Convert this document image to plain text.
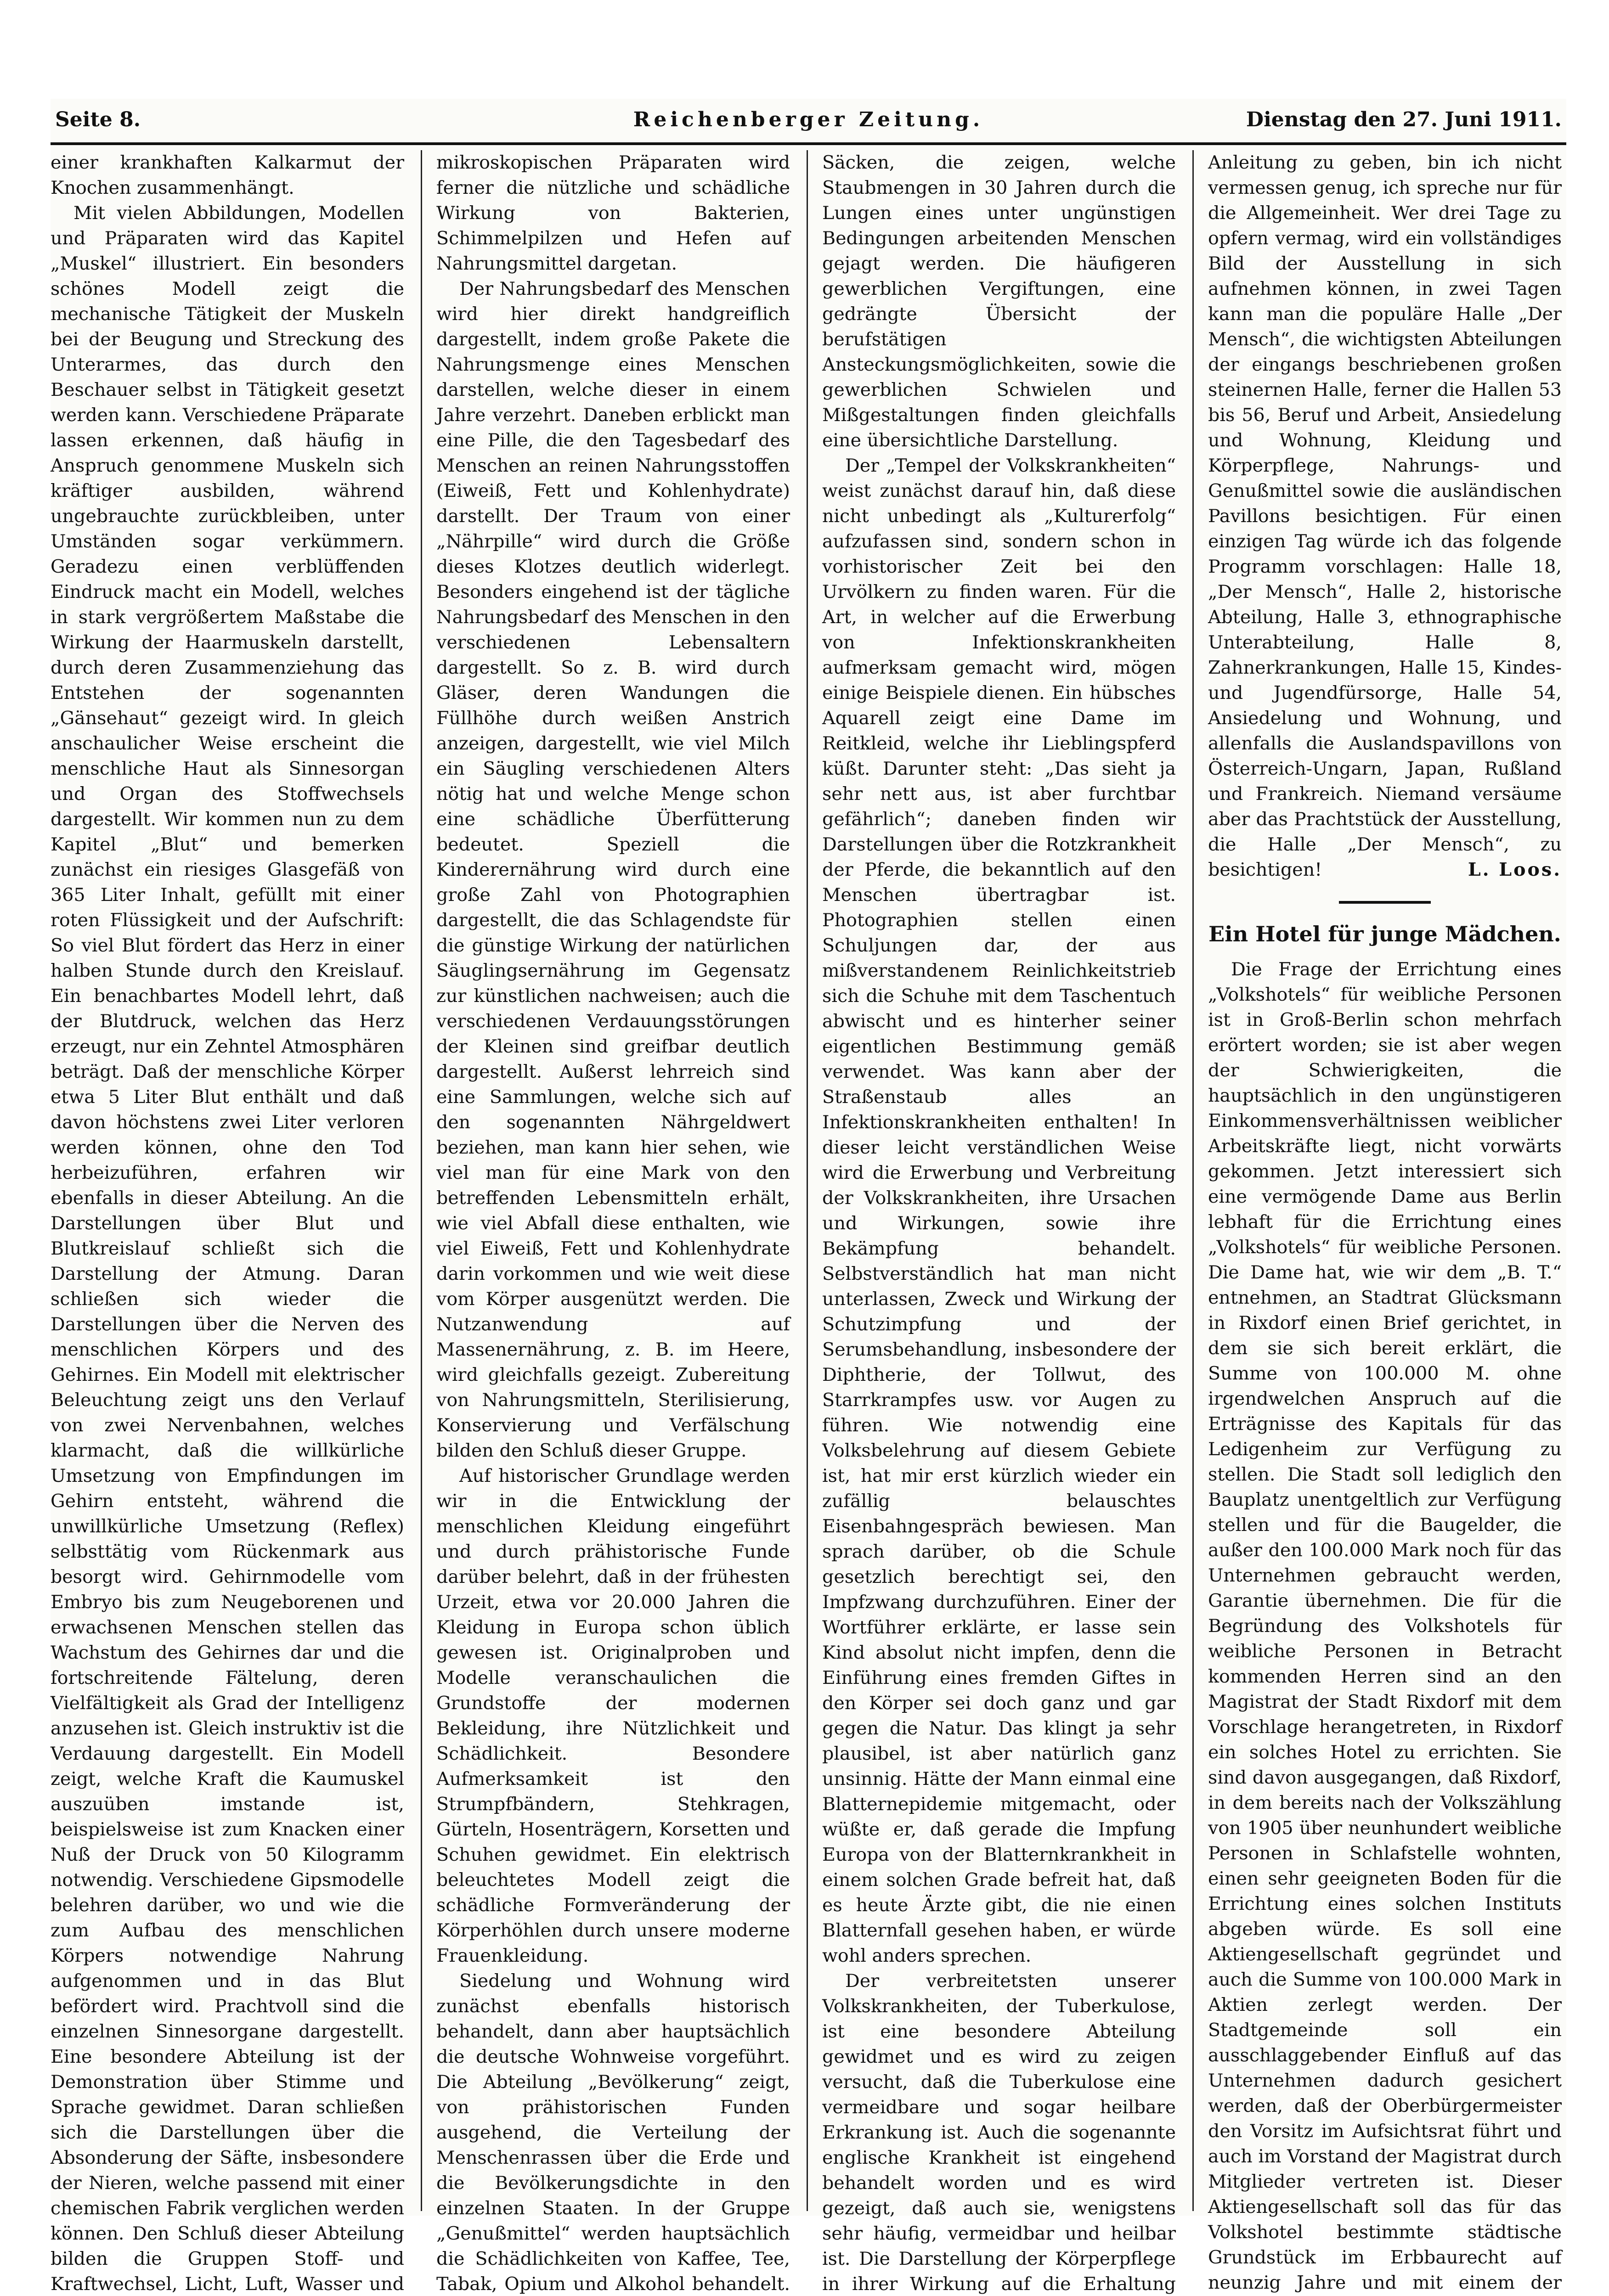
Seite 8.	Reichenberger Zeitung.	Dienstag den 27. Juni 1911.

einer krankhaften Kalkarmut der Knochen zusammenhängt.

Mit vielen Abbildungen, Modellen und Präparaten wird das Kapitel „Muskel“ illustriert. Ein besonders schönes Modell zeigt die mechanische Tätigkeit der Muskeln bei der Beugung und Streckung des Unterarmes, das durch den Beschauer selbst in Tätigkeit gesetzt werden kann. Verschiedene Präparate lassen erkennen, daß häufig in Anspruch genommene Muskeln sich kräftiger ausbilden, während ungebrauchte zurückbleiben, unter Umständen sogar verkümmern. Geradezu einen verblüffenden Eindruck macht ein Modell, welches in stark vergrößertem Maßstabe die Wirkung der Haarmuskeln darstellt, durch deren Zusammenziehung das Entstehen der sogenannten „Gänsehaut“ gezeigt wird. In gleich anschaulicher Weise erscheint die menschliche Haut als Sinnesorgan und Organ des Stoffwechsels dargestellt. Wir kommen nun zu dem Kapitel „Blut“ und bemerken zunächst ein riesiges Glasgefäß von 365 Liter Inhalt, gefüllt mit einer roten Flüssigkeit und der Aufschrift: So viel Blut fördert das Herz in einer halben Stunde durch den Kreislauf. Ein benachbartes Modell lehrt, daß der Blutdruck, welchen das Herz erzeugt, nur ein Zehntel Atmosphären beträgt. Daß der menschliche Körper etwa 5 Liter Blut enthält und daß davon höchstens zwei Liter verloren werden können, ohne den Tod herbeizuführen, erfahren wir ebenfalls in dieser Abteilung. An die Darstellungen über Blut und Blutkreislauf schließt sich die Darstellung der Atmung. Daran schließen sich wieder die Darstellungen über die Nerven des menschlichen Körpers und des Gehirnes. Ein Modell mit elektrischer Beleuchtung zeigt uns den Verlauf von zwei Nervenbahnen, welches klarmacht, daß die willkürliche Umsetzung von Empfindungen im Gehirn entsteht, während die unwillkürliche Umsetzung (Reflex) selbsttätig vom Rückenmark aus besorgt wird. Gehirnmodelle vom Embryo bis zum Neugeborenen und erwachsenen Menschen stellen das Wachstum des Gehirnes dar und die fortschreitende Fältelung, deren Vielfältigkeit als Grad der Intelligenz anzusehen ist. Gleich instruktiv ist die Verdauung dargestellt. Ein Modell zeigt, welche Kraft die Kaumuskel auszuüben imstande ist, beispielsweise ist zum Knacken einer Nuß der Druck von 50 Kilogramm notwendig. Verschiedene Gipsmodelle belehren darüber, wo und wie die zum Aufbau des menschlichen Körpers notwendige Nahrung aufgenommen und in das Blut befördert wird. Prachtvoll sind die einzelnen Sinnesorgane dargestellt. Eine besondere Abteilung ist der Demonstration über Stimme und Sprache gewidmet. Daran schließen sich die Darstellungen über die Absonderung der Säfte, insbesondere der Nieren, welche passend mit einer chemischen Fabrik verglichen werden können. Den Schluß dieser Abteilung bilden die Gruppen Stoff- und Kraftwechsel, Licht, Luft, Wasser und

mikroskopischen Präparaten wird ferner die nützliche und schädliche Wirkung von Bakterien, Schimmelpilzen und Hefen auf Nahrungsmittel dargetan.

Der Nahrungsbedarf des Menschen wird hier direkt handgreiflich dargestellt, indem große Pakete die Nahrungsmenge eines Menschen darstellen, welche dieser in einem Jahre verzehrt. Daneben erblickt man eine Pille, die den Tagesbedarf des Menschen an reinen Nahrungsstoffen (Eiweiß, Fett und Kohlenhydrate) darstellt. Der Traum von einer „Nährpille“ wird durch die Größe dieses Klotzes deutlich widerlegt. Besonders eingehend ist der tägliche Nahrungsbedarf des Menschen in den verschiedenen Lebensaltern dargestellt. So z. B. wird durch Gläser, deren Wandungen die Füllhöhe durch weißen Anstrich anzeigen, dargestellt, wie viel Milch ein Säugling verschiedenen Alters nötig hat und welche Menge schon eine schädliche Überfütterung bedeutet. Speziell die Kinderernährung wird durch eine große Zahl von Photographien dargestellt, die das Schlagendste für die günstige Wirkung der natürlichen Säuglingsernährung im Gegensatz zur künstlichen nachweisen; auch die verschiedenen Verdauungsstörungen der Kleinen sind greifbar deutlich dargestellt. Außerst lehrreich sind eine Sammlungen, welche sich auf den sogenannten Nährgeldwert beziehen, man kann hier sehen, wie viel man für eine Mark von den betreffenden Lebensmitteln erhält, wie viel Abfall diese enthalten, wie viel Eiweiß, Fett und Kohlenhydrate darin vorkommen und wie weit diese vom Körper ausgenützt werden. Die Nutzanwendung auf Massenernährung, z. B. im Heere, wird gleichfalls gezeigt. Zubereitung von Nahrungsmitteln, Sterilisierung, Konservierung und Verfälschung bilden den Schluß dieser Gruppe.

Auf historischer Grundlage werden wir in die Entwicklung der menschlichen Kleidung eingeführt und durch prähistorische Funde darüber belehrt, daß in der frühesten Urzeit, etwa vor 20.000 Jahren die Kleidung in Europa schon üblich gewesen ist. Originalproben und Modelle veranschaulichen die Grundstoffe der modernen Bekleidung, ihre Nützlichkeit und Schädlichkeit. Besondere Aufmerksamkeit ist den Strumpfbändern, Stehkragen, Gürteln, Hosenträgern, Korsetten und Schuhen gewidmet. Ein elektrisch beleuchtetes Modell zeigt die schädliche Formveränderung der Körperhöhlen durch unsere moderne Frauenkleidung.

Siedelung und Wohnung wird zunächst ebenfalls historisch behandelt, dann aber hauptsächlich die deutsche Wohnweise vorgeführt. Die Abteilung „Bevölkerung“ zeigt, von prähistorischen Funden ausgehend, die Verteilung der Menschenrassen über die Erde und die Bevölkerungsdichte in den einzelnen Staaten. In der Gruppe „Genußmittel“ werden hauptsächlich die Schädlichkeiten von Kaffee, Tee, Tabak, Opium und Alkohol behandelt.

Säcken, die zeigen, welche Staubmengen in 30 Jahren durch die Lungen eines unter ungünstigen Bedingungen arbeitenden Menschen gejagt werden. Die häufigeren gewerblichen Vergiftungen, eine gedrängte Übersicht der berufstätigen Ansteckungsmöglichkeiten, sowie die gewerblichen Schwielen und Mißgestaltungen finden gleichfalls eine übersichtliche Darstellung.

Der „Tempel der Volkskrankheiten“ weist zunächst darauf hin, daß diese nicht unbedingt als „Kulturerfolg“ aufzufassen sind, sondern schon in vorhistorischer Zeit bei den Urvölkern zu finden waren. Für die Art, in welcher auf die Erwerbung von Infektionskrankheiten aufmerksam gemacht wird, mögen einige Beispiele dienen. Ein hübsches Aquarell zeigt eine Dame im Reitkleid, welche ihr Lieblingspferd küßt. Darunter steht: „Das sieht ja sehr nett aus, ist aber furchtbar gefährlich“; daneben finden wir Darstellungen über die Rotzkrankheit der Pferde, die bekanntlich auf den Menschen übertragbar ist. Photographien stellen einen Schuljungen dar, der aus mißverstandenem Reinlichkeitstrieb sich die Schuhe mit dem Taschentuch abwischt und es hinterher seiner eigentlichen Bestimmung gemäß verwendet. Was kann aber der Straßenstaub alles an Infektionskrankheiten enthalten! In dieser leicht verständlichen Weise wird die Erwerbung und Verbreitung der Volkskrankheiten, ihre Ursachen und Wirkungen, sowie ihre Bekämpfung behandelt. Selbstverständlich hat man nicht unterlassen, Zweck und Wirkung der Schutzimpfung und der Serumsbehandlung, insbesondere der Diphtherie, der Tollwut, des Starrkrampfes usw. vor Augen zu führen. Wie notwendig eine Volksbelehrung auf diesem Gebiete ist, hat mir erst kürzlich wieder ein zufällig belauschtes Eisenbahngespräch bewiesen. Man sprach darüber, ob die Schule gesetzlich berechtigt sei, den Impfzwang durchzuführen. Einer der Wortführer erklärte, er lasse sein Kind absolut nicht impfen, denn die Einführung eines fremden Giftes in den Körper sei doch ganz und gar gegen die Natur. Das klingt ja sehr plausibel, ist aber natürlich ganz unsinnig. Hätte der Mann einmal eine Blatternepidemie mitgemacht, oder wüßte er, daß gerade die Impfung Europa von der Blatternkrankheit in einem solchen Grade befreit hat, daß es heute Ärzte gibt, die nie einen Blatternfall gesehen haben, er würde wohl anders sprechen.

Der verbreitetsten unserer Volkskrankheiten, der Tuberkulose, ist eine besondere Abteilung gewidmet und es wird zu zeigen versucht, daß die Tuberkulose eine vermeidbare und sogar heilbare Erkrankung ist. Auch die sogenannte englische Krankheit ist eingehend behandelt worden und es wird gezeigt, daß auch sie, wenigstens sehr häufig, vermeidbar und heilbar ist. Die Darstellung der Körperpflege in ihrer Wirkung auf die Erhaltung

Anleitung zu geben, bin ich nicht vermessen genug, ich spreche nur für die Allgemeinheit. Wer drei Tage zu opfern vermag, wird ein vollständiges Bild der Ausstellung in sich aufnehmen können, in zwei Tagen kann man die populäre Halle „Der Mensch“, die wichtigsten Abteilungen der eingangs beschriebenen großen steinernen Halle, ferner die Hallen 53 bis 56, Beruf und Arbeit, Ansiedelung und Wohnung, Kleidung und Körperpflege, Nahrungs- und Genußmittel sowie die ausländischen Pavillons besichtigen. Für einen einzigen Tag würde ich das folgende Programm vorschlagen: Halle 18, „Der Mensch“, Halle 2, historische Abteilung, Halle 3, ethnographische Unterabteilung, Halle 8, Zahnerkrankungen, Halle 15, Kindes- und Jugendfürsorge, Halle 54, Ansiedelung und Wohnung, und allenfalls die Auslandspavillons von Österreich-Ungarn, Japan, Rußland und Frankreich. Niemand versäume aber das Prachtstück der Ausstellung, die Halle „Der Mensch“, zu besichtigen!	L. Loos.

Ein Hotel für junge Mädchen.

Die Frage der Errichtung eines „Volkshotels“ für weibliche Personen ist in Groß-Berlin schon mehrfach erörtert worden; sie ist aber wegen der Schwierigkeiten, die hauptsächlich in den ungünstigeren Einkommensverhältnissen weiblicher Arbeitskräfte liegt, nicht vorwärts gekommen. Jetzt interessiert sich eine vermögende Dame aus Berlin lebhaft für die Errichtung eines „Volkshotels“ für weibliche Personen. Die Dame hat, wie wir dem „B. T.“ entnehmen, an Stadtrat Glücksmann in Rixdorf einen Brief gerichtet, in dem sie sich bereit erklärt, die Summe von 100.000 M. ohne irgendwelchen Anspruch auf die Erträgnisse des Kapitals für das Ledigenheim zur Verfügung zu stellen. Die Stadt soll lediglich den Bauplatz unentgeltlich zur Verfügung stellen und für die Baugelder, die außer den 100.000 Mark noch für das Unternehmen gebraucht werden, Garantie übernehmen. Die für die Begründung des Volkshotels für weibliche Personen in Betracht kommenden Herren sind an den Magistrat der Stadt Rixdorf mit dem Vorschlage herangetreten, in Rixdorf ein solches Hotel zu errichten. Sie sind davon ausgegangen, daß Rixdorf, in dem bereits nach der Volkszählung von 1905 über neunhundert weibliche Personen in Schlafstelle wohnten, einen sehr geeigneten Boden für die Errichtung eines solchen Instituts abgeben würde. Es soll eine Aktiengesellschaft gegründet und auch die Summe von 100.000 Mark in Aktien zerlegt werden. Der Stadtgemeinde soll ein ausschlaggebender Einfluß auf das Unternehmen dadurch gesichert werden, daß der Oberbürgermeister den Vorsitz im Aufsichtsrat führt und auch im Vorstand der Magistrat durch Mitglieder vertreten ist. Dieser Aktiengesellschaft soll das für das Volkshotel bestimmte städtische Grundstück im Erbbaurecht auf neunzig Jahre und mit einem der
